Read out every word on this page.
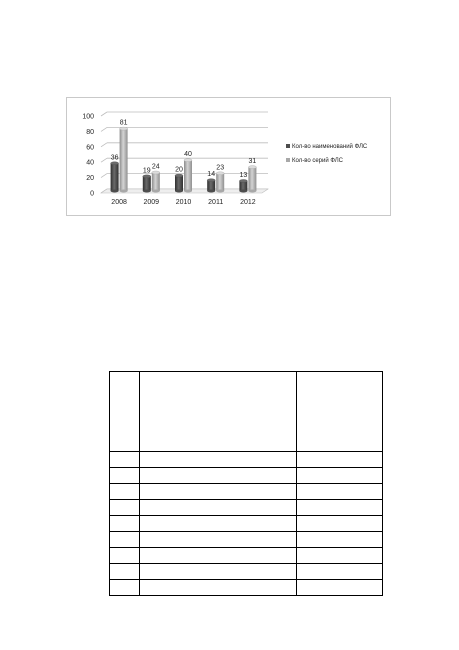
0
20
40
60
80
100
36
81
19
24 20
40
14
23
13
31
2008 2009 2010 2011 2012
Кол-во наименований ФЛС
Кол-во серий ФЛС
